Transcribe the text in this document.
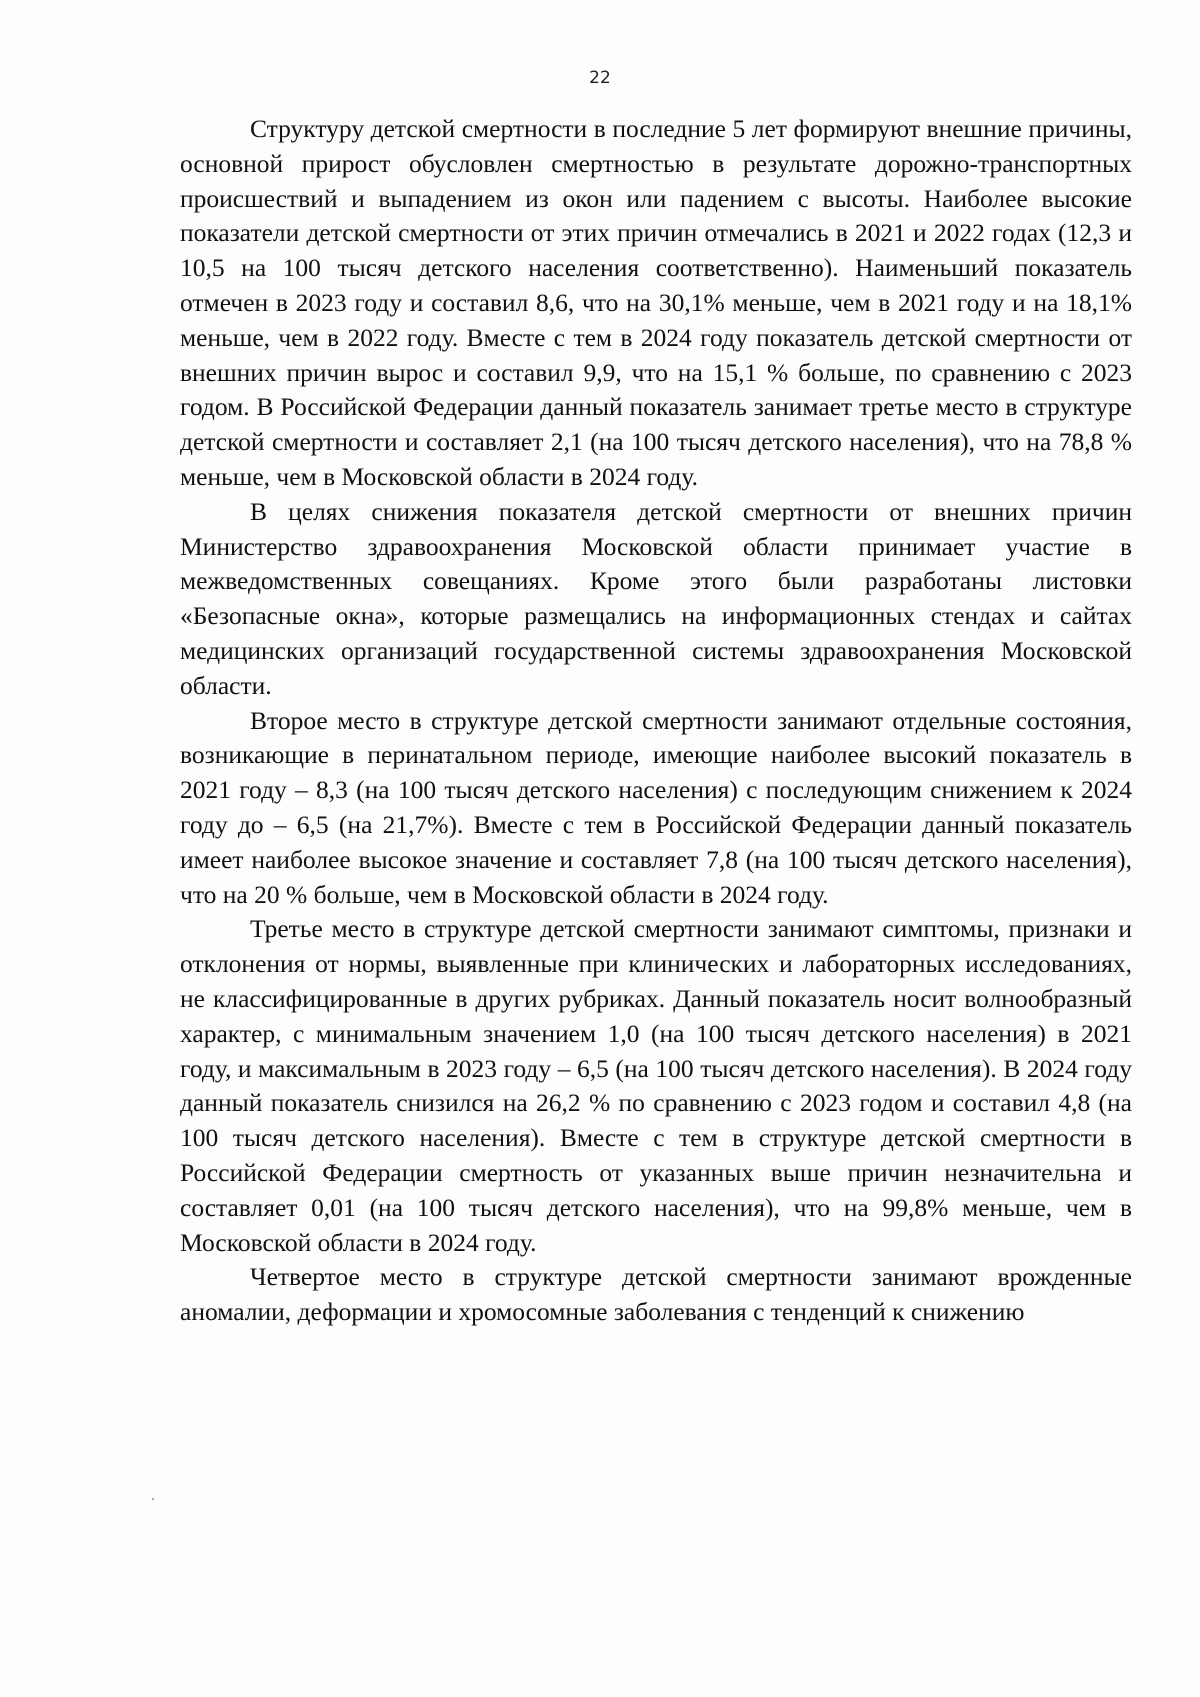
22

Структуру детской смертности в последние 5 лет формируют внешние причины, основной прирост обусловлен смертностью в результате дорожно-транспортных происшествий и выпадением из окон или падением с высоты. Наиболее высокие показатели детской смертности от этих причин отмечались в 2021 и 2022 годах (12,3 и 10,5 на 100 тысяч детского населения соответственно). Наименьший показатель отмечен в 2023 году и составил 8,6, что на 30,1% меньше, чем в 2021 году и на 18,1% меньше, чем в 2022 году. Вместе с тем в 2024 году показатель детской смертности от внешних причин вырос и составил 9,9, что на 15,1 % больше, по сравнению с 2023 годом. В Российской Федерации данный показатель занимает третье место в структуре детской смертности и составляет 2,1 (на 100 тысяч детского населения), что на 78,8 % меньше, чем в Московской области в 2024 году.

В целях снижения показателя детской смертности от внешних причин Министерство здравоохранения Московской области принимает участие в межведомственных совещаниях. Кроме этого были разработаны листовки «Безопасные окна», которые размещались на информационных стендах и сайтах медицинских организаций государственной системы здравоохранения Московской области.

Второе место в структуре детской смертности занимают отдельные состояния, возникающие в перинатальном периоде, имеющие наиболее высокий показатель в 2021 году – 8,3 (на 100 тысяч детского населения) с последующим снижением к 2024 году до – 6,5 (на 21,7%). Вместе с тем в Российской Федерации данный показатель имеет наиболее высокое значение и составляет 7,8 (на 100 тысяч детского населения), что на 20 % больше, чем в Московской области в 2024 году.

Третье место в структуре детской смертности занимают симптомы, признаки и отклонения от нормы, выявленные при клинических и лабораторных исследованиях, не классифицированные в других рубриках. Данный показатель носит волнообразный характер, с минимальным значением 1,0 (на 100 тысяч детского населения) в 2021 году, и максимальным в 2023 году – 6,5 (на 100 тысяч детского населения). В 2024 году данный показатель снизился на 26,2 % по сравнению с 2023 годом и составил 4,8 (на 100 тысяч детского населения). Вместе с тем в структуре детской смертности в Российской Федерации смертность от указанных выше причин незначительна и составляет 0,01 (на 100 тысяч детского населения), что на 99,8% меньше, чем в Московской области в 2024 году.

Четвертое место в структуре детской смертности занимают врожденные аномалии, деформации и хромосомные заболевания с тенденций к снижению
